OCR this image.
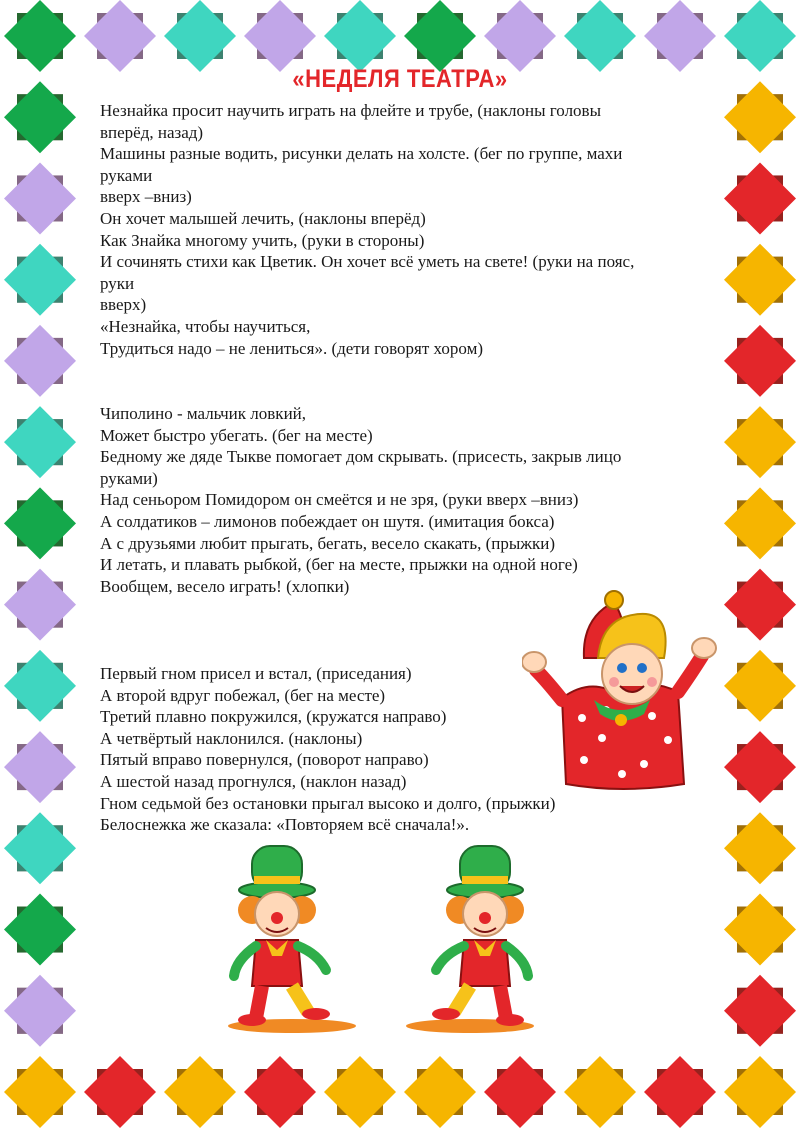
«НЕДЕЛЯ ТЕАТРА»
Незнайка просит научить играть на флейте и трубе, (наклоны головы
вперёд, назад)
Машины разные водить, рисунки делать на холсте. (бег по группе, махи
руками
вверх –вниз)
Он хочет малышей лечить, (наклоны вперёд)
Как Знайка многому учить, (руки в стороны)
И сочинять стихи как Цветик. Он хочет всё уметь на свете! (руки на пояс,
руки
вверх)
«Незнайка, чтобы научиться,
Трудиться надо – не лениться». (дети говорят хором)
Чиполино - мальчик ловкий,
Может быстро убегать. (бег на месте)
Бедному же дяде Тыкве помогает дом скрывать. (присесть, закрыв лицо
руками)
Над сеньором Помидором он смеётся и не зря, (руки вверх –вниз)
А солдатиков – лимонов побеждает он шутя. (имитация бокса)
А с друзьями любит прыгать, бегать, весело скакать, (прыжки)
И летать, и плавать рыбкой, (бег на месте, прыжки на одной ноге)
Вообщем, весело играть! (хлопки)
Первый гном присел и встал, (приседания)
А второй вдруг побежал, (бег на месте)
Третий плавно покружился, (кружатся направо)
А четвёртый наклонился. (наклоны)
Пятый вправо повернулся, (поворот направо)
А шестой назад прогнулся, (наклон назад)
Гном седьмой без остановки прыгал высоко и долго, (прыжки)
Белоснежка же сказала: «Повторяем всё сначала!».
